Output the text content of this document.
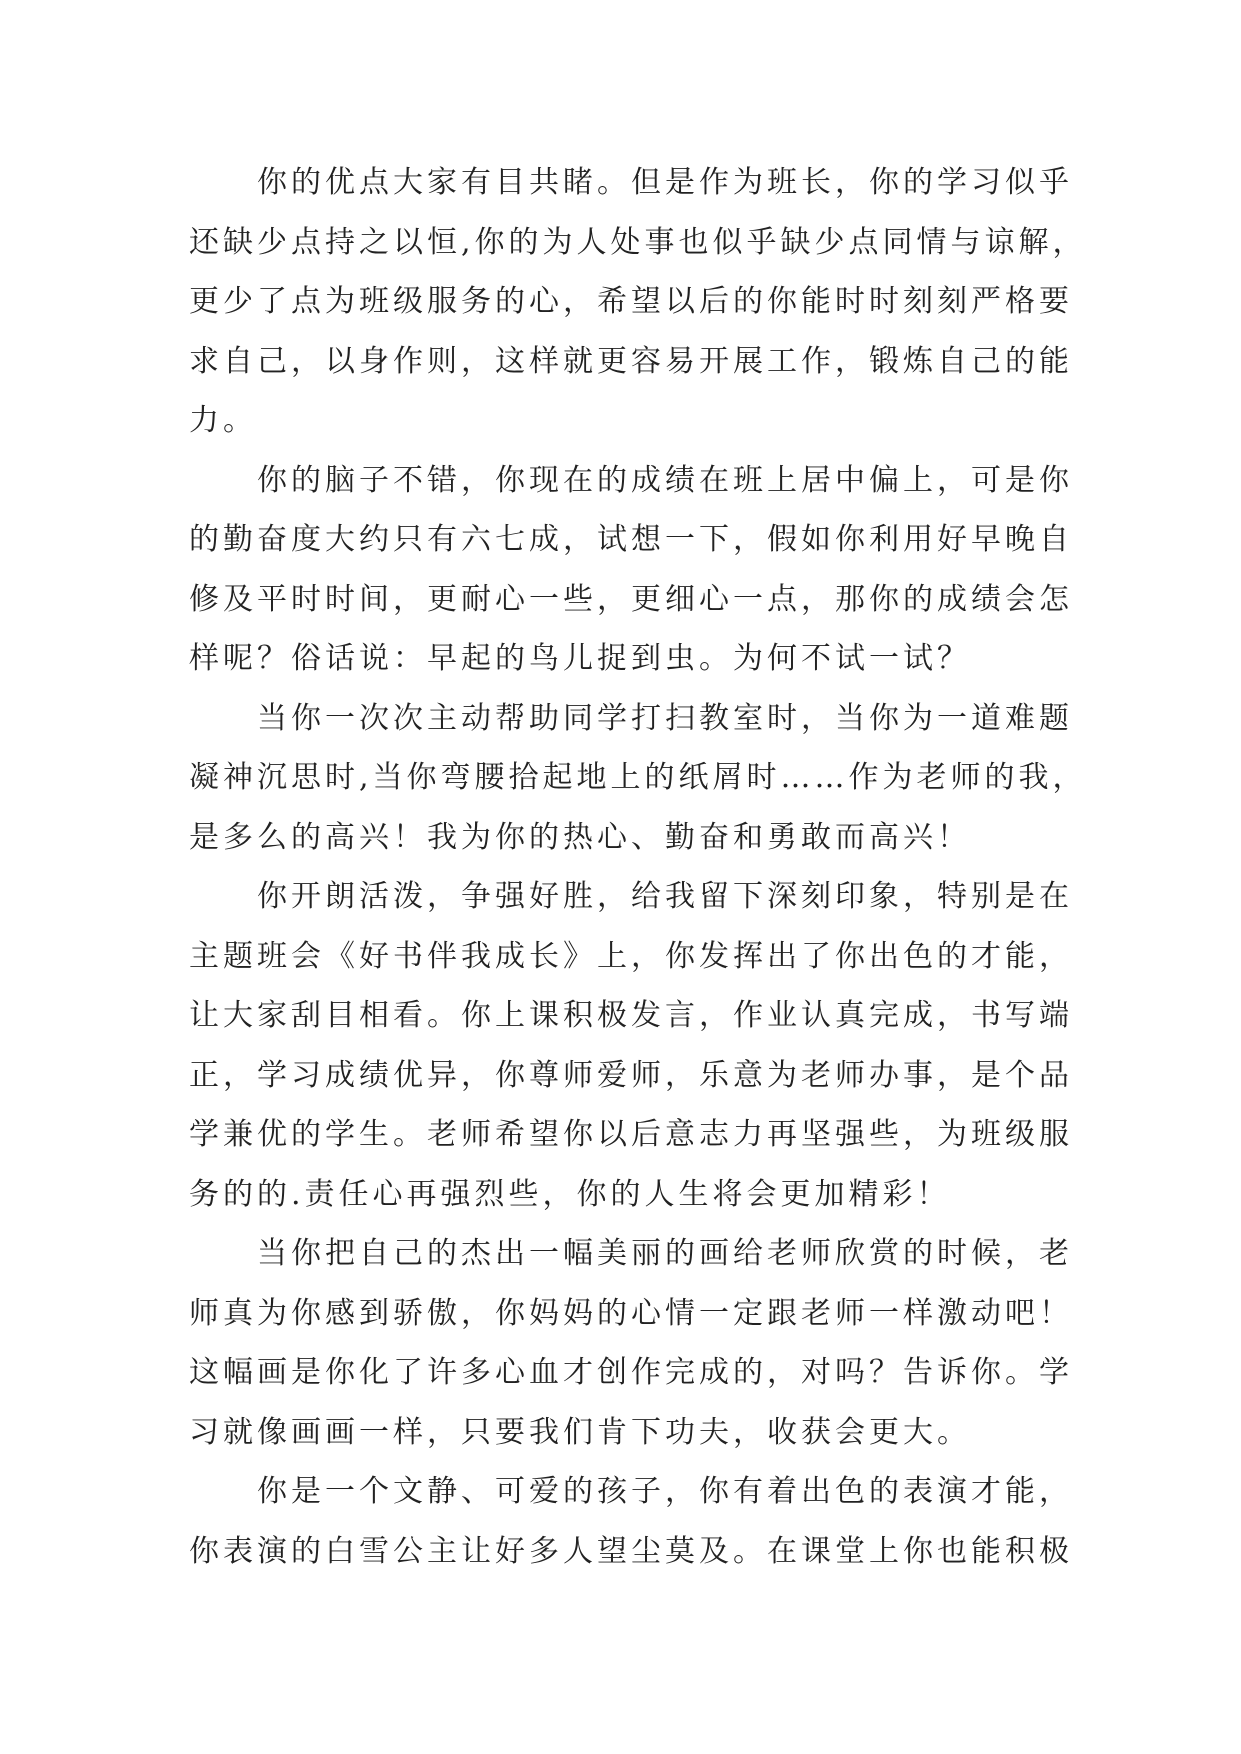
你的优点大家有目共睹。但是作为班长，你的学习似乎
还缺少点持之以恒,你的为人处事也似乎缺少点同情与谅解，
更少了点为班级服务的心，希望以后的你能时时刻刻严格要
求自己，以身作则，这样就更容易开展工作，锻炼自己的能
力。

你的脑子不错，你现在的成绩在班上居中偏上，可是你
的勤奋度大约只有六七成，试想一下，假如你利用好早晚自
修及平时时间，更耐心一些，更细心一点，那你的成绩会怎
样呢？俗话说：早起的鸟儿捉到虫。为何不试一试？

当你一次次主动帮助同学打扫教室时，当你为一道难题
凝神沉思时,当你弯腰拾起地上的纸屑时……作为老师的我，
是多么的高兴！我为你的热心、勤奋和勇敢而高兴！

你开朗活泼，争强好胜，给我留下深刻印象，特别是在
主题班会《好书伴我成长》上，你发挥出了你出色的才能，
让大家刮目相看。你上课积极发言，作业认真完成，书写端
正，学习成绩优异，你尊师爱师，乐意为老师办事，是个品
学兼优的学生。老师希望你以后意志力再坚强些，为班级服
务的的.责任心再强烈些，你的人生将会更加精彩！

当你把自己的杰出一幅美丽的画给老师欣赏的时候，老
师真为你感到骄傲，你妈妈的心情一定跟老师一样激动吧！
这幅画是你化了许多心血才创作完成的，对吗？告诉你。学
习就像画画一样，只要我们肯下功夫，收获会更大。

你是一个文静、可爱的孩子，你有着出色的表演才能，
你表演的白雪公主让好多人望尘莫及。在课堂上你也能积极
